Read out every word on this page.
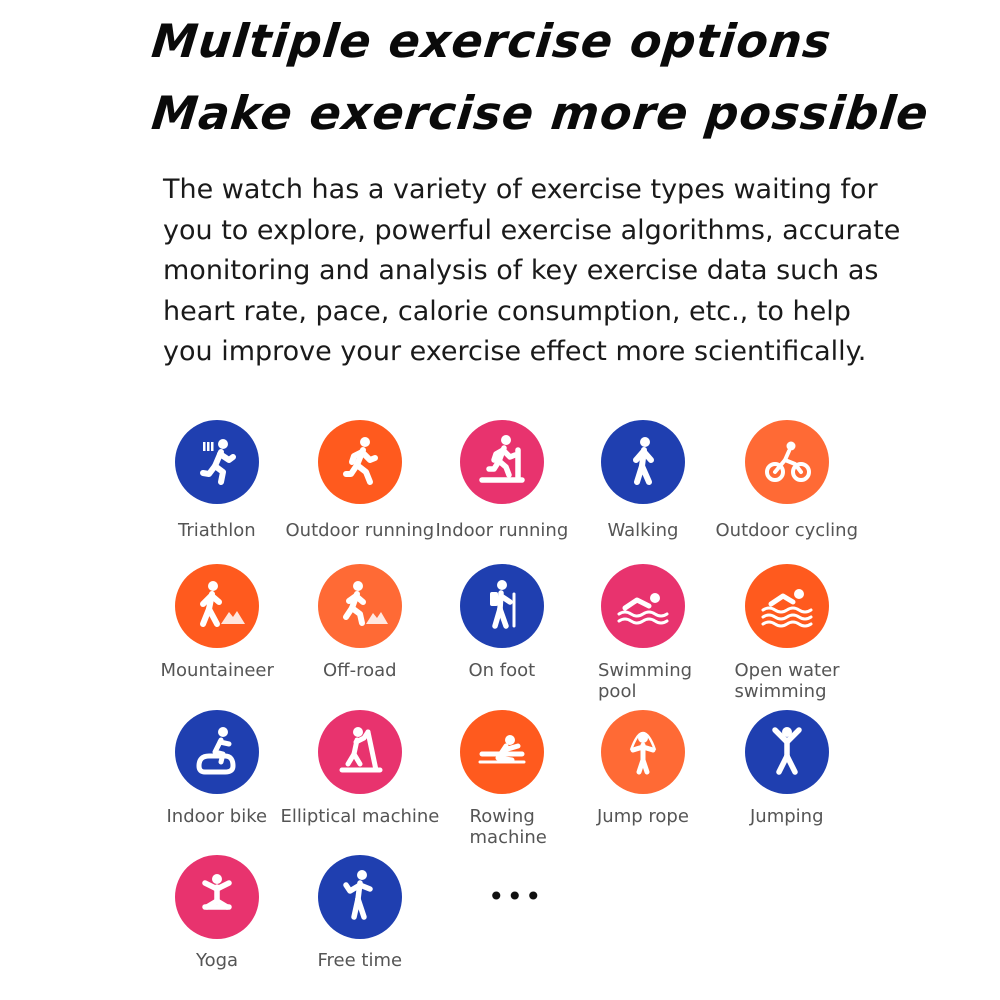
Multiple exercise options
Make exercise more possible

The watch has a variety of exercise types waiting for
you to explore, powerful exercise algorithms, accurate
monitoring and analysis of key exercise data such as
heart rate, pace, calorie consumption, etc., to help
you improve your exercise effect more scientifically.

Triathlon Outdoor running Indoor running Walking Outdoor cycling
Mountaineer	Off-road	On foot	Swimming
pool
Open water
swimming
Indoor bike Elliptical machine Rowing
machine
Jump rope	Jumping
Yoga	Free time
•••
